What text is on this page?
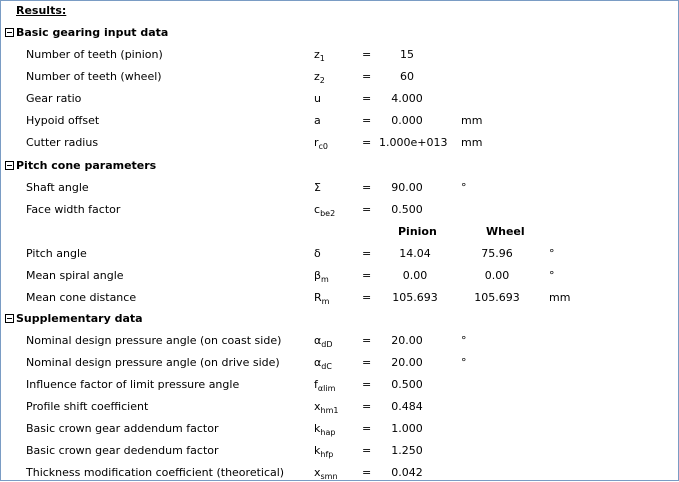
Results:
Basic gearing input data
Number of teeth (pinion)	$z_1$	=	15
Number of teeth (wheel)	$z_2$	=	60
Gear ratio	u	=	4.000
Hypoid offset	a	=	0.000	mm
Cutter radius	$r_{c0}$	= 1.000e+013 mm
Pitch cone parameters
Shaft angle	Σ	=	90.00	°
Face width factor	$c_{be2}$ =	0.500
Pinion	Wheel
Pitch angle	δ	=	14.04	75.96	°
Mean spiral angle	$\beta_m$	=	0.00	0.00	°
Mean cone distance	$R_m$	= 105.693	105.693	mm
Supplementary data
Nominal design pressure angle (on coast side)	$\alpha_{dD}$	=	20.00	°
Nominal design pressure angle (on drive side)	$\alpha_{dC}$	=	20.00	°
Influence factor of limit pressure angle	$f_{\alpha lim}$ =	0.500
Profile shift coefficient	$x_{hm1}$ =	0.484
Basic crown gear addendum factor	$k_{hap}$ =	1.000
Basic crown gear dedendum factor	$k_{hfp}$	=	1.250
Thickness modification coefficient (theoretical)	$x_{smn}$ =	0.042
